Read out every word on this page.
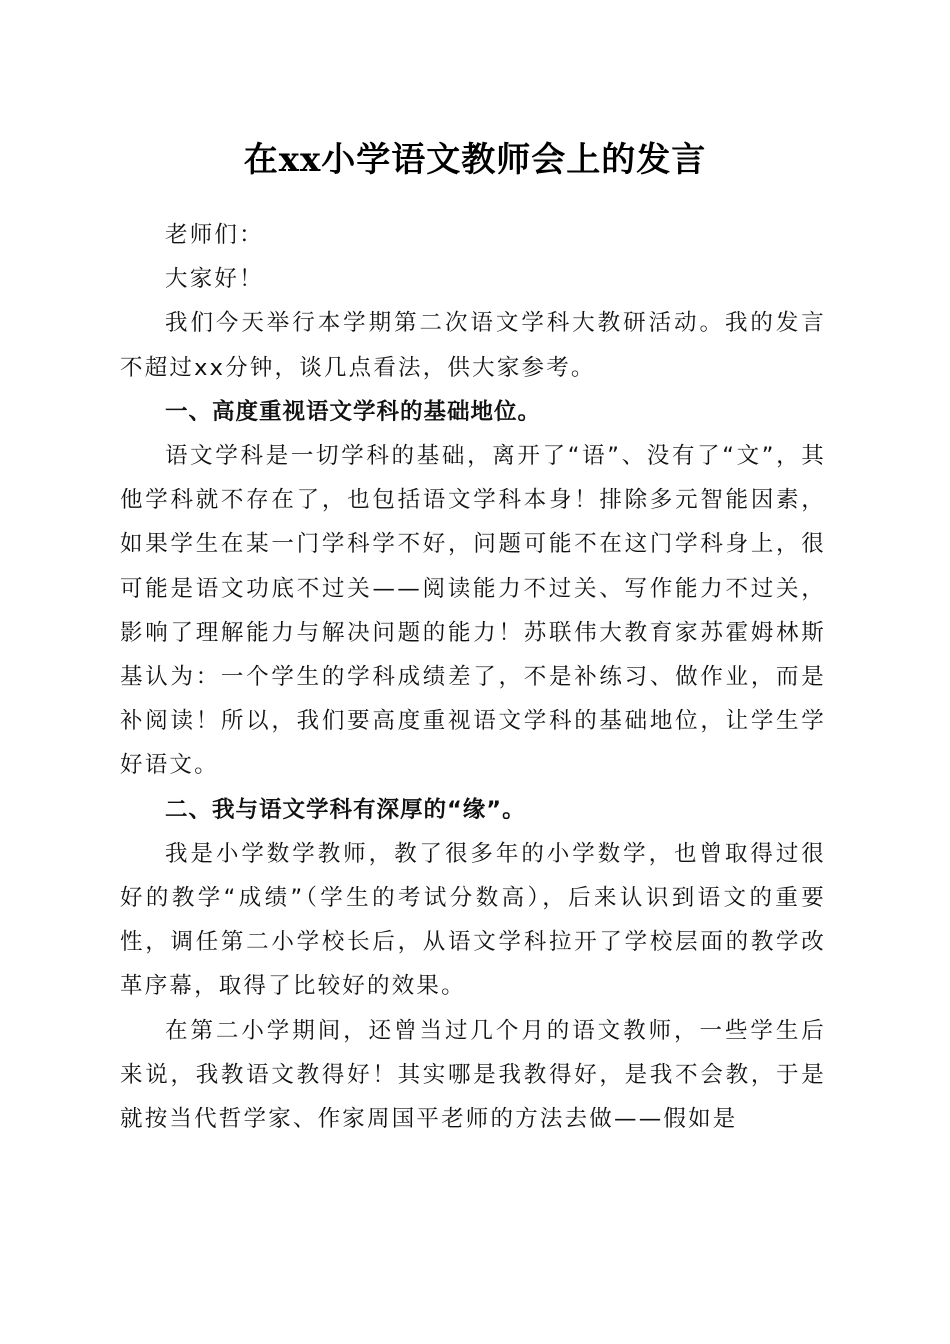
在xx小学语文教师会上的发言

老师们：

大家好！

我们今天举行本学期第二次语文学科大教研活动。我的发言不超过xx分钟，谈几点看法，供大家参考。

一、高度重视语文学科的基础地位。

语文学科是一切学科的基础，离开了“语”、没有了“文”，其他学科就不存在了，也包括语文学科本身！排除多元智能因素，如果学生在某一门学科学不好，问题可能不在这门学科身上，很可能是语文功底不过关——阅读能力不过关、写作能力不过关，影响了理解能力与解决问题的能力！苏联伟大教育家苏霍姆林斯基认为：一个学生的学科成绩差了，不是补练习、做作业，而是补阅读！所以，我们要高度重视语文学科的基础地位，让学生学好语文。

二、我与语文学科有深厚的“缘”。

我是小学数学教师，教了很多年的小学数学，也曾取得过很好的教学“成绩”（学生的考试分数高），后来认识到语文的重要性，调任第二小学校长后，从语文学科拉开了学校层面的教学改革序幕，取得了比较好的效果。

在第二小学期间，还曾当过几个月的语文教师，一些学生后来说，我教语文教得好！其实哪是我教得好，是我不会教，于是就按当代哲学家、作家周国平老师的方法去做——假如是
